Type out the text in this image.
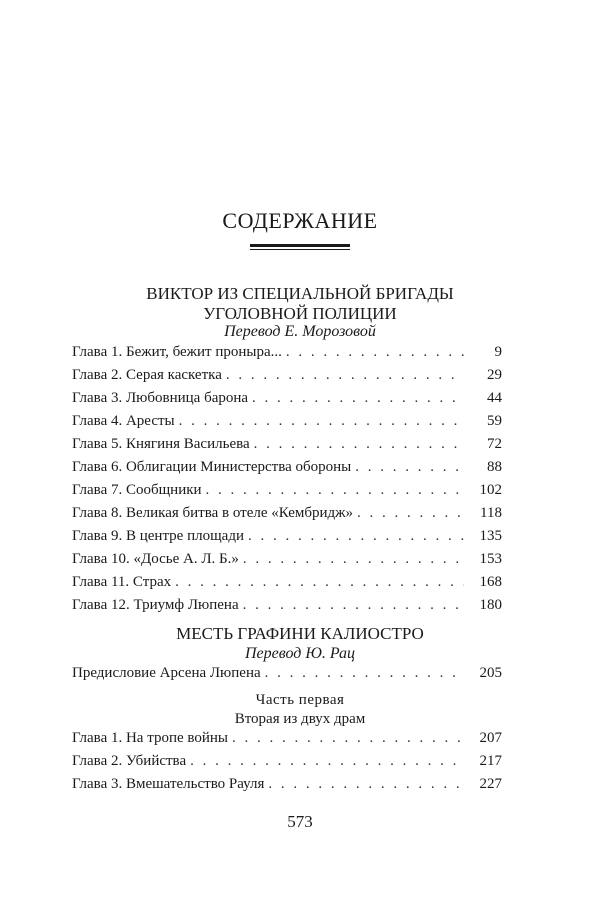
СОДЕРЖАНИЕ
ВИКТОР ИЗ СПЕЦИАЛЬНОЙ БРИГАДЫ
УГОЛОВНОЙ ПОЛИЦИИ
Перевод Е. Морозовой
Глава 1. Бежит, бежит проныра... . . .	9
Глава 2. Серая каскетка . . .	29
Глава 3. Любовница барона . . .	44
Глава 4. Аресты . . .	59
Глава 5. Княгиня Васильева . . .	72
Глава 6. Облигации Министерства обороны . . .	88
Глава 7. Сообщники . . .	102
Глава 8. Великая битва в отеле «Кембридж» . . .	118
Глава 9. В центре площади . . .	135
Глава 10. «Досье А. Л. Б.» . . .	153
Глава 11. Страх . . .	168
Глава 12. Триумф Люпена . . .	180
МЕСТЬ ГРАФИНИ КАЛИОСТРО
Перевод Ю. Рац
Предисловие Арсена Люпена . . .	205
Часть первая
Вторая из двух драм
Глава 1. На тропе войны . . .	207
Глава 2. Убийства . . .	217
Глава 3. Вмешательство Рауля . . .	227
573
